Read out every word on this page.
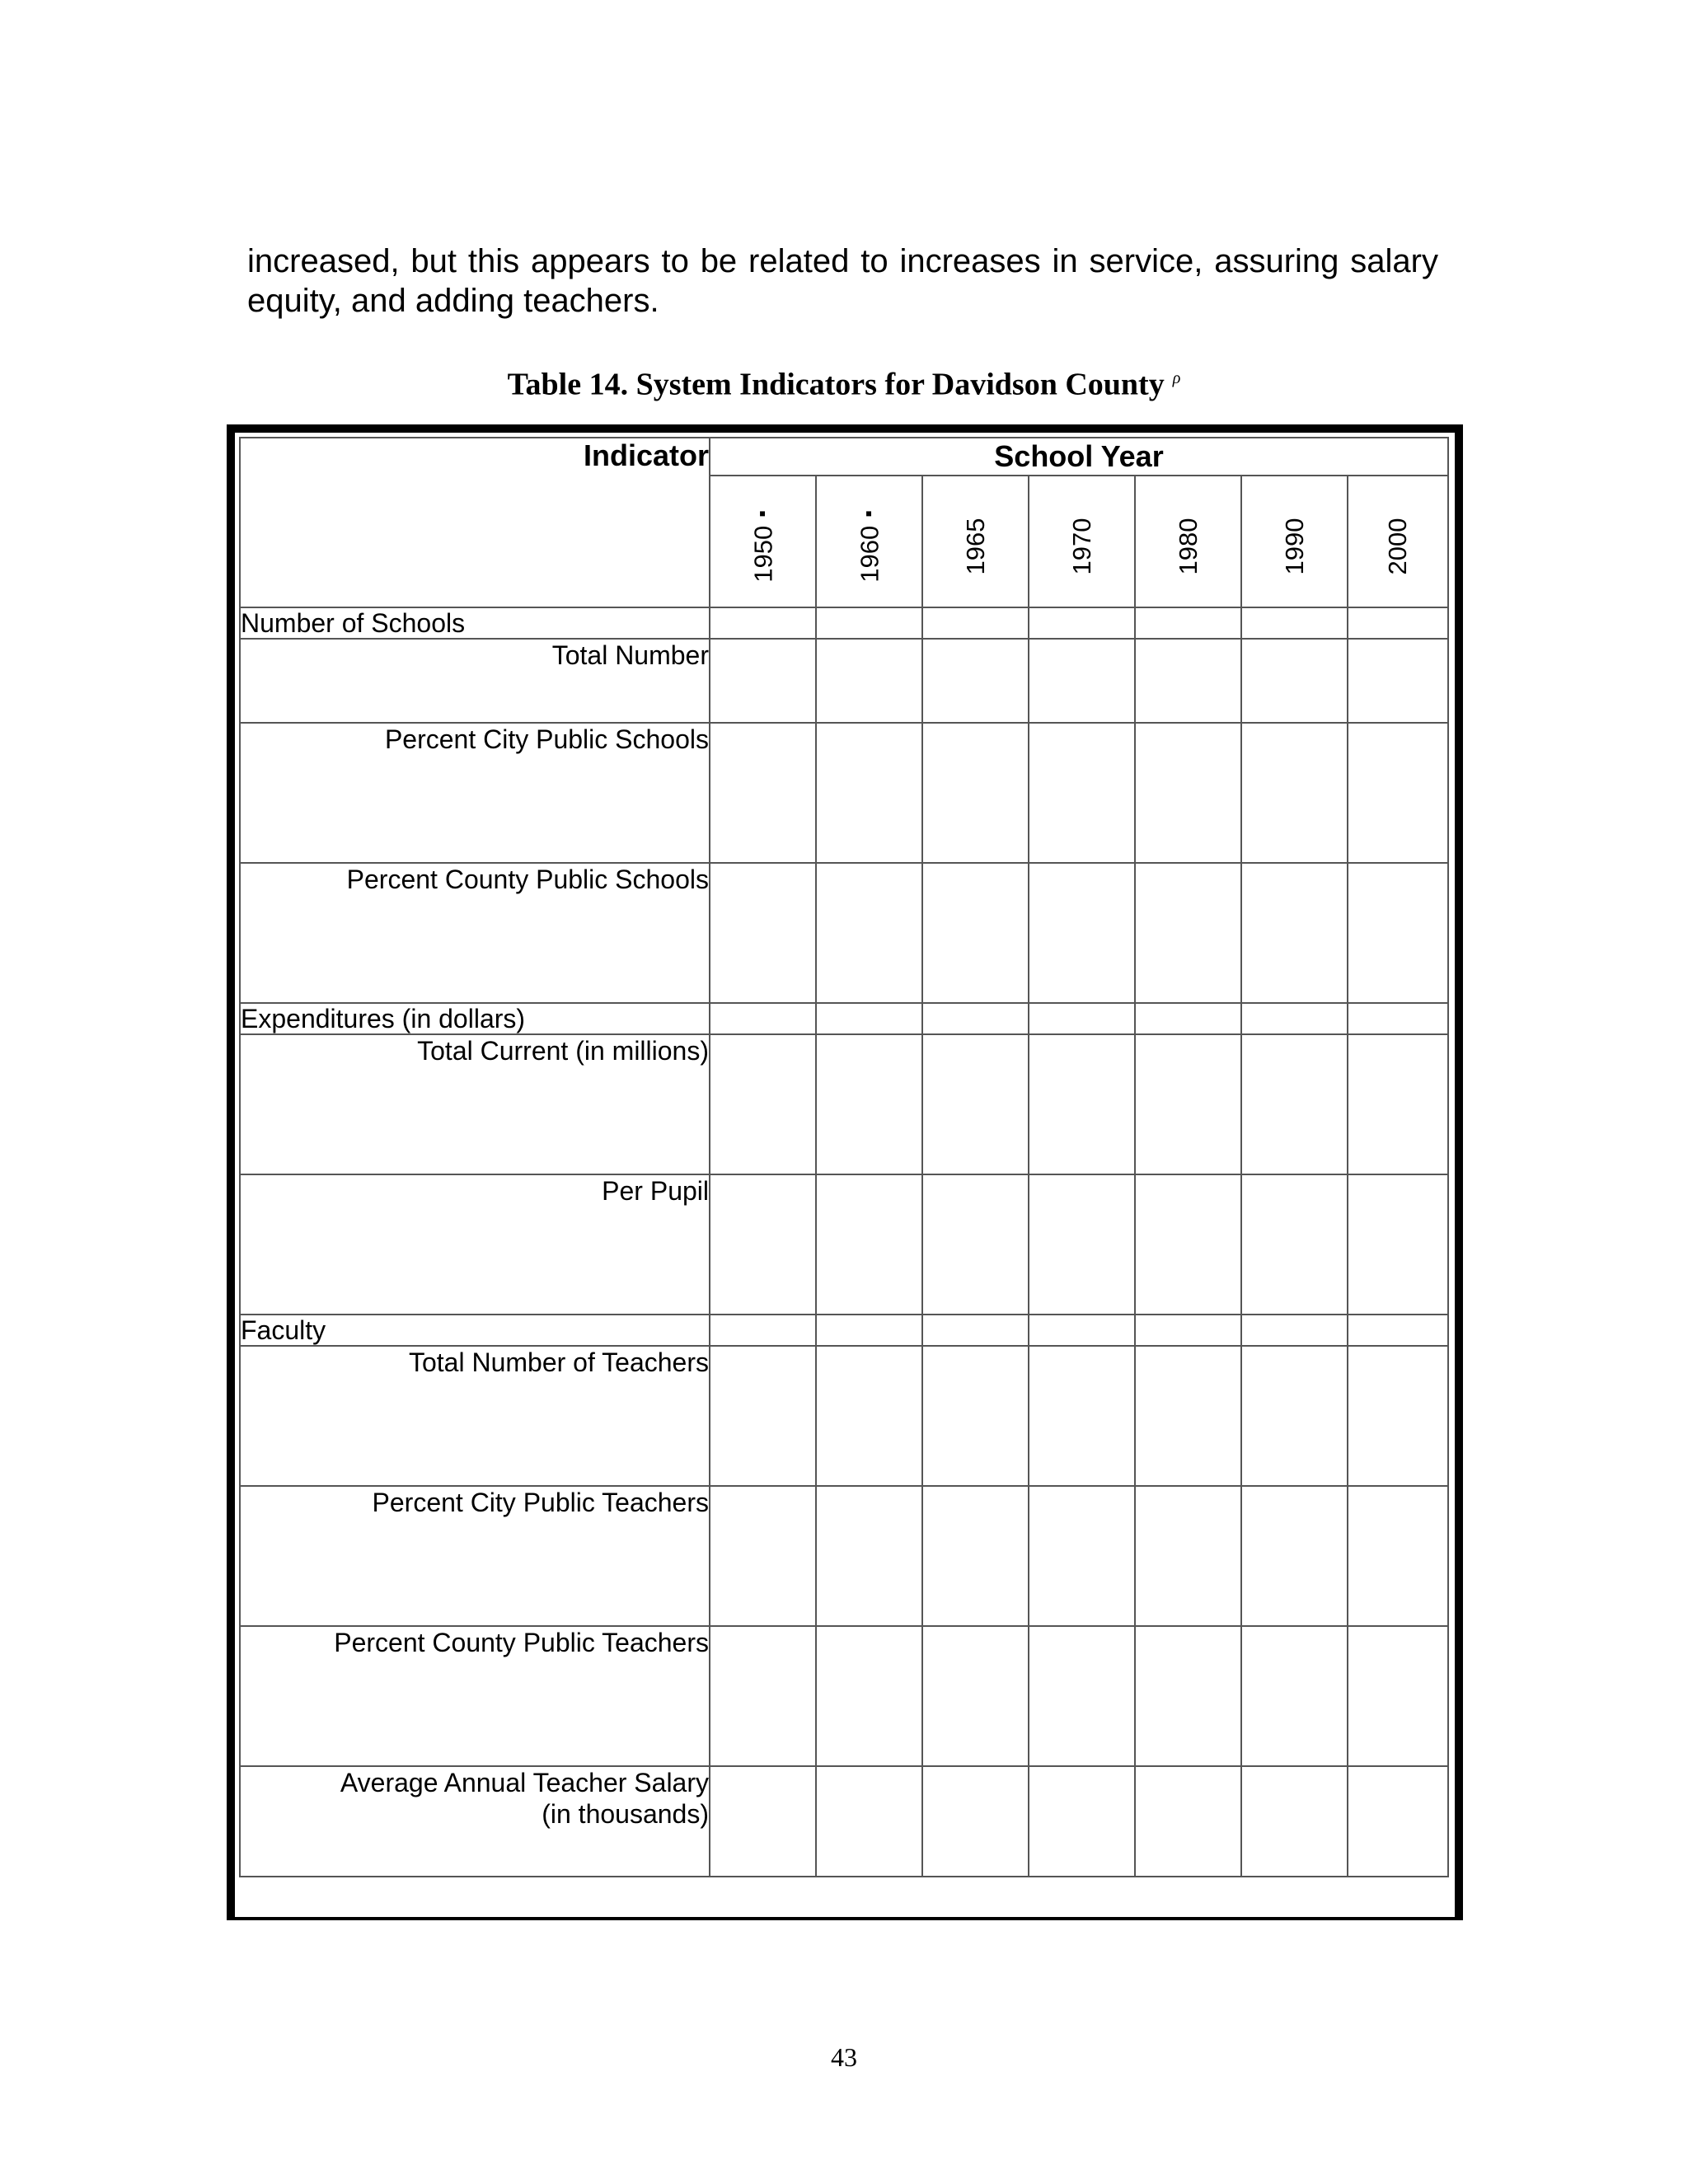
increased, but this appears to be related to increases in service, assuring salary equity, and adding teachers.

Table 14. System Indicators for Davidson County $^\rho$
Indicator	School Year						

	1950▪	1960▪	1965	1970	1980	1990	2000

Number of Schools							
Total Number							
Percent City Public Schools							
Percent County Public Schools							
Expenditures (in dollars)							
Total Current (in millions)							
Per Pupil							
Faculty							
Total Number of Teachers							
Percent City Public Teachers							
Percent County Public Teachers							
Average Annual Teacher Salary
(in thousands)							
43
